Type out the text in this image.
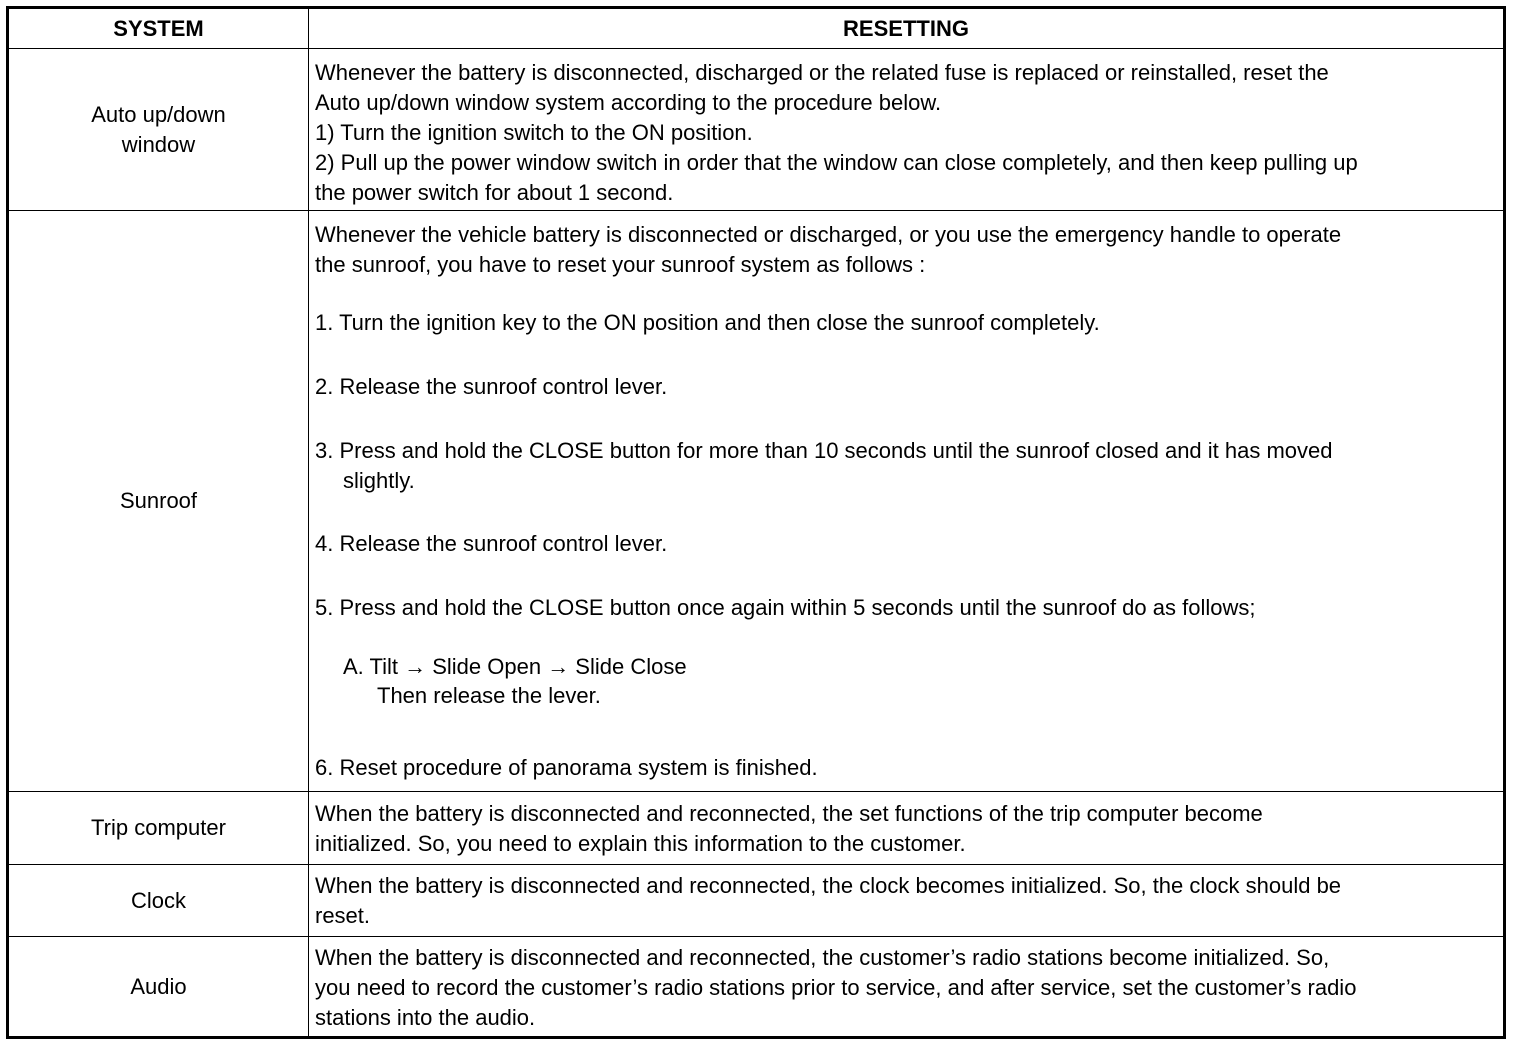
SYSTEM	RESETTING
Auto up/down
window
Whenever the battery is disconnected, discharged or the related fuse is replaced or reinstalled, reset the
Auto up/down window system according to the procedure below.
1) Turn the ignition switch to the ON position.
2) Pull up the power window switch in order that the window can close completely, and then keep pulling up
the power switch for about 1 second.
Sunroof
Whenever the vehicle battery is disconnected or discharged, or you use the emergency handle to operate
the sunroof, you have to reset your sunroof system as follows :
1. Turn the ignition key to the ON position and then close the sunroof completely.
2. Release the sunroof control lever.
3. Press and hold the CLOSE button for more than 10 seconds until the sunroof closed and it has moved
slightly.
4. Release the sunroof control lever.
5. Press and hold the CLOSE button once again within 5 seconds until the sunroof do as follows;
A. Tilt → Slide Open → Slide Close
Then release the lever.
6. Reset procedure of panorama system is finished.
Trip computer
When the battery is disconnected and reconnected, the set functions of the trip computer become
initialized. So, you need to explain this information to the customer.
Clock
When the battery is disconnected and reconnected, the clock becomes initialized. So, the clock should be
reset.
Audio
When the battery is disconnected and reconnected, the customer’s radio stations become initialized. So,
you need to record the customer’s radio stations prior to service, and after service, set the customer’s radio
stations into the audio.
